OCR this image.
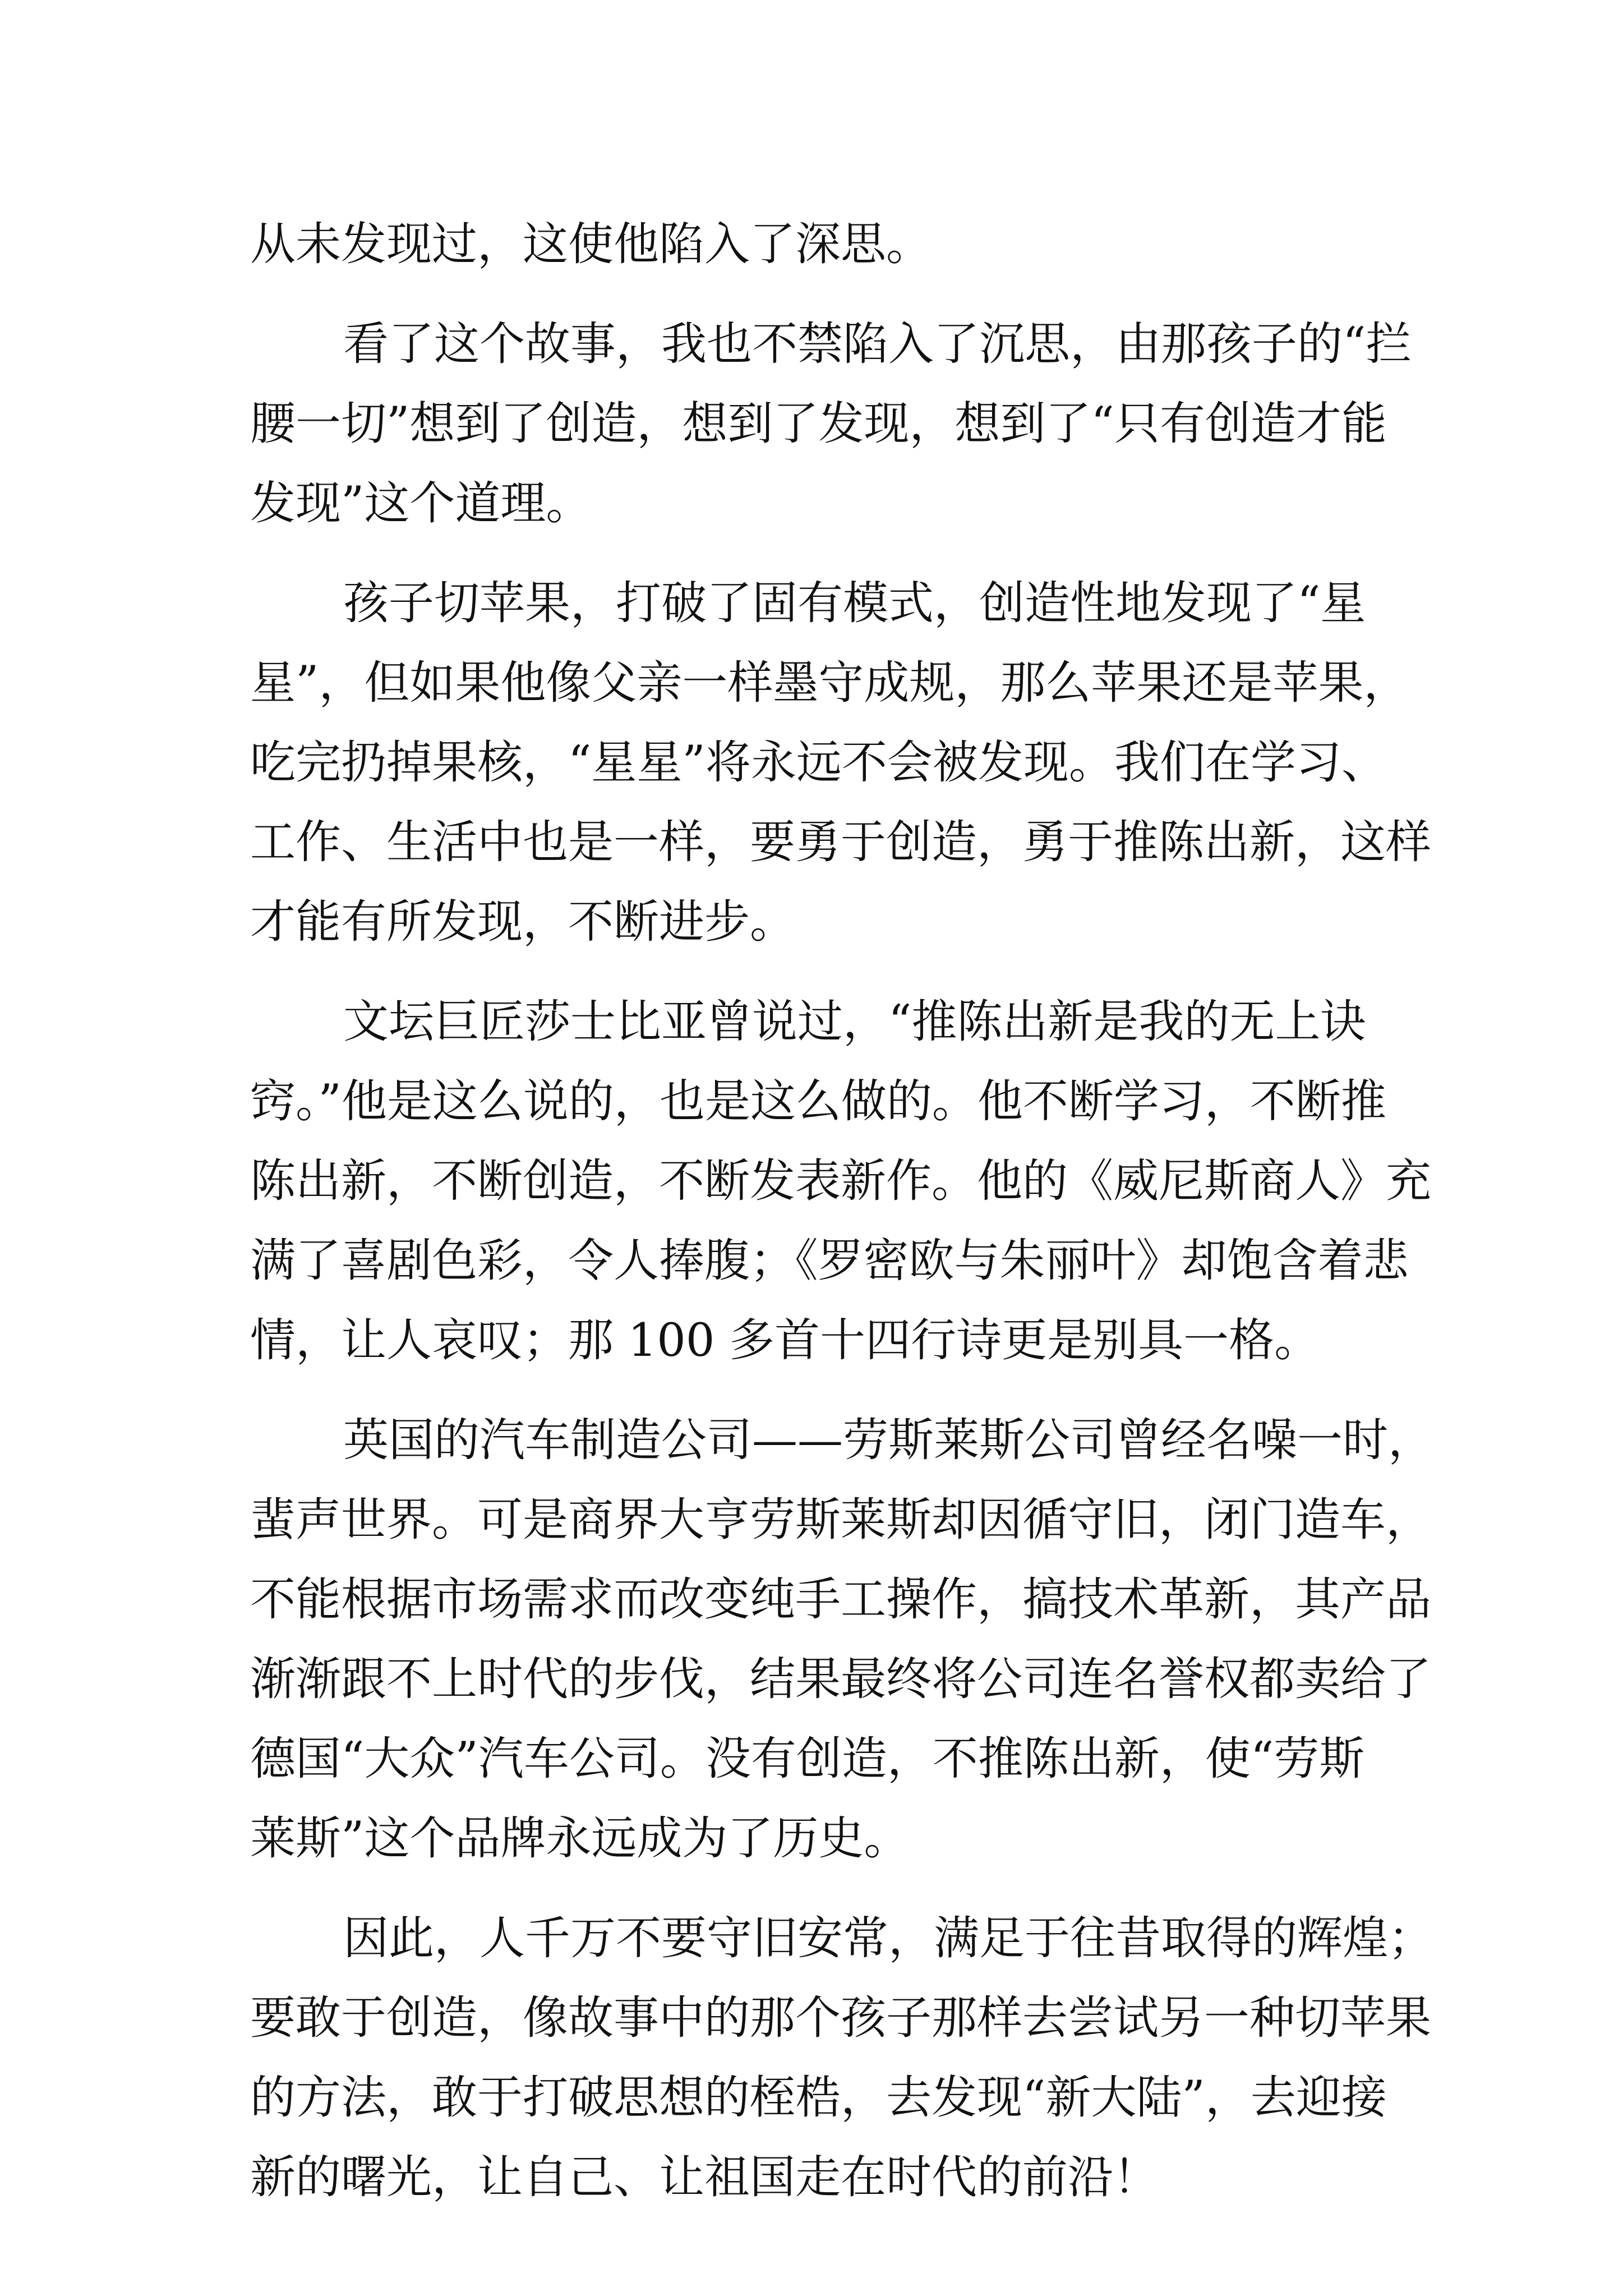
从未发现过，这使他陷入了深思。

看了这个故事，我也不禁陷入了沉思，由那孩子的“拦
腰一切”想到了创造，想到了发现，想到了“只有创造才能
发现”这个道理。

孩子切苹果，打破了固有模式，创造性地发现了“星
星”，但如果他像父亲一样墨守成规，那么苹果还是苹果，
吃完扔掉果核，“星星”将永远不会被发现。我们在学习、
工作、生活中也是一样，要勇于创造，勇于推陈出新，这样
才能有所发现，不断进步。

文坛巨匠莎士比亚曾说过，“推陈出新是我的无上诀
窍。”他是这么说的，也是这么做的。他不断学习，不断推
陈出新，不断创造，不断发表新作。他的《威尼斯商人》充
满了喜剧色彩，令人捧腹；《罗密欧与朱丽叶》却饱含着悲
情，让人哀叹；那 100 多首十四行诗更是别具一格。

英国的汽车制造公司——劳斯莱斯公司曾经名噪一时，
蜚声世界。可是商界大亨劳斯莱斯却因循守旧，闭门造车，
不能根据市场需求而改变纯手工操作，搞技术革新，其产品
渐渐跟不上时代的步伐，结果最终将公司连名誉权都卖给了
德国“大众”汽车公司。没有创造，不推陈出新，使“劳斯
莱斯”这个品牌永远成为了历史。

因此，人千万不要守旧安常，满足于往昔取得的辉煌；
要敢于创造，像故事中的那个孩子那样去尝试另一种切苹果
的方法，敢于打破思想的桎梏，去发现“新大陆”，去迎接
新的曙光，让自己、让祖国走在时代的前沿！
